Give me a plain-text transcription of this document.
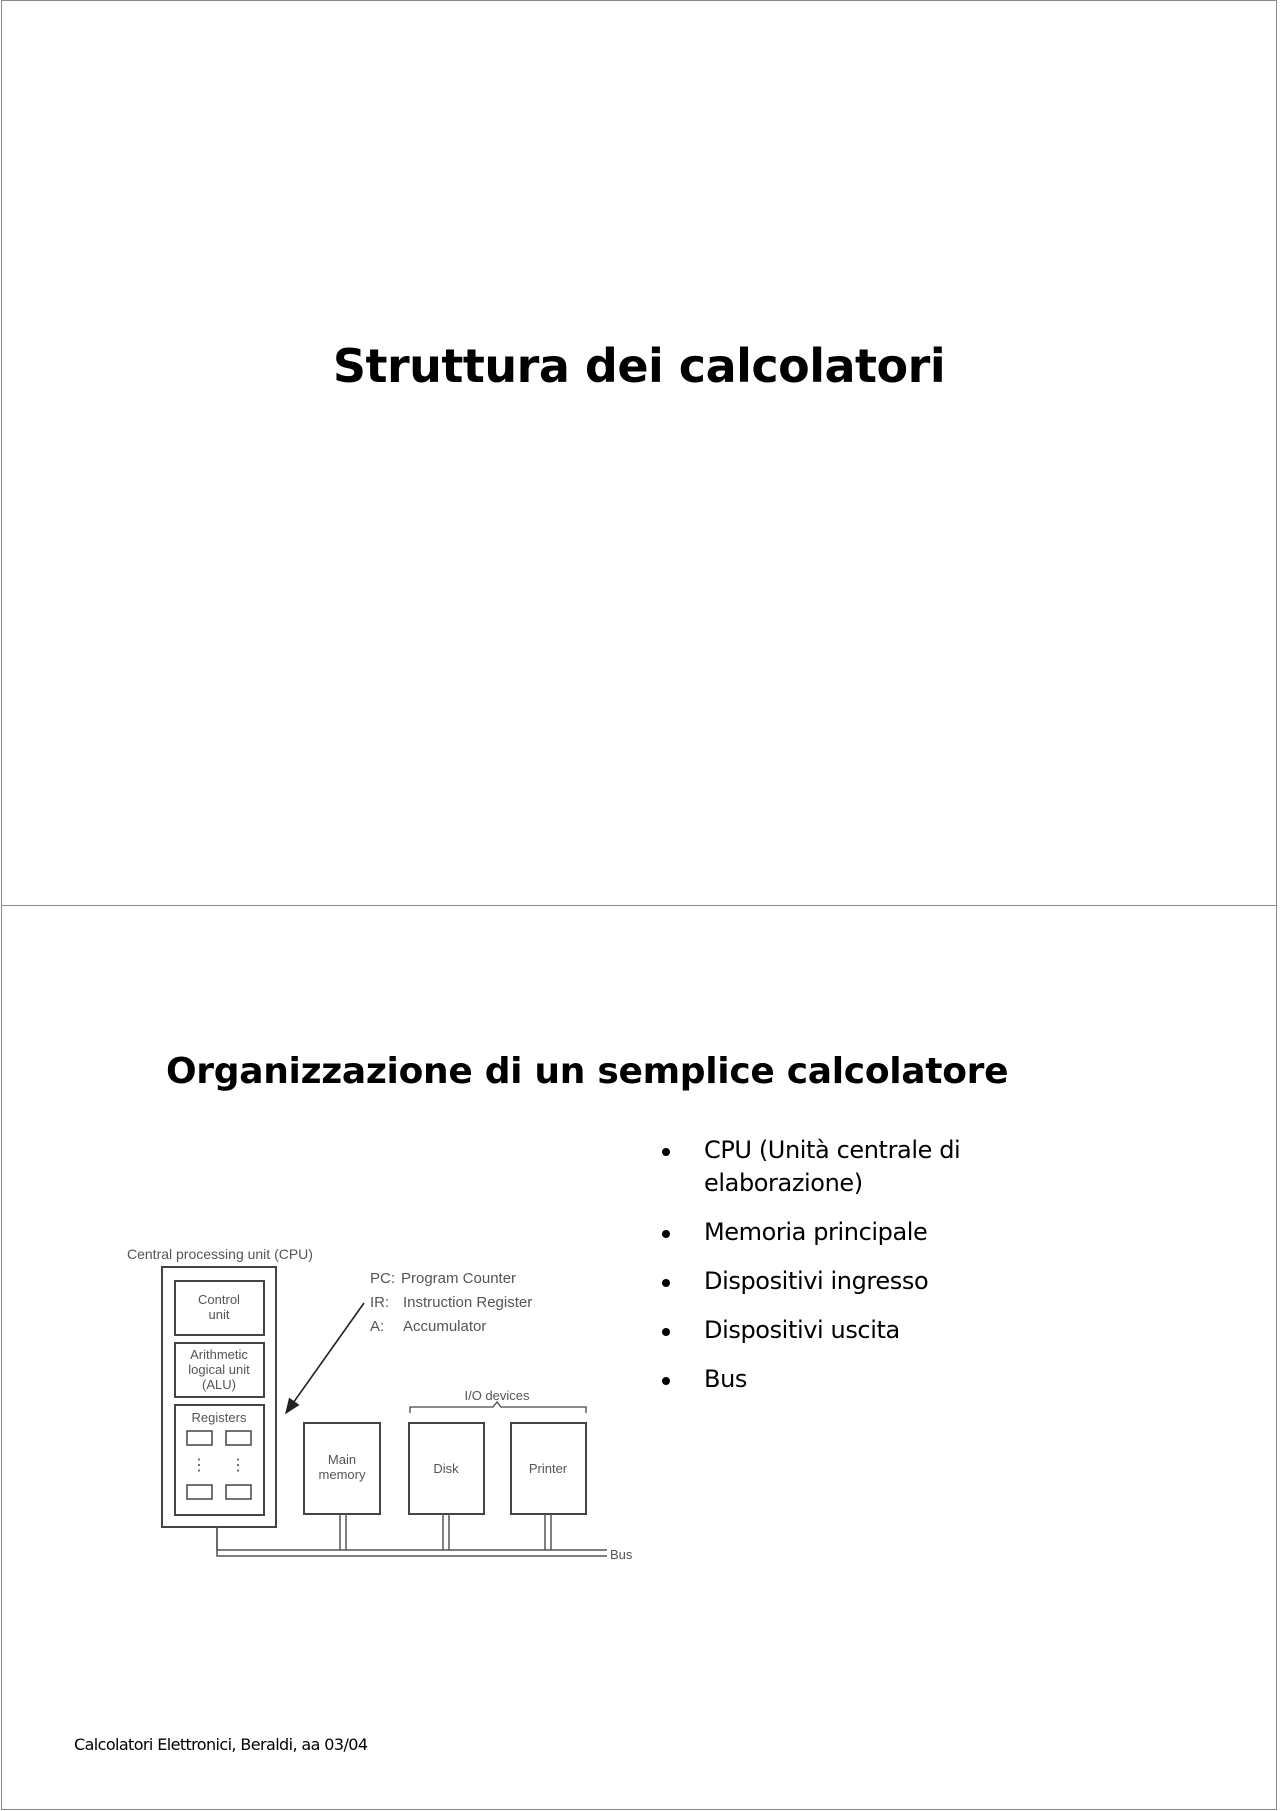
Struttura dei calcolatori
Organizzazione di un semplice calcolatore
Central processing unit (CPU)
Control
unit
Arithmetic
logical unit
(ALU)
Registers
⋮ ⋮
PC: Program Counter
IR: Instruction Register
A: Accumulator
I/O devices
Main
memory	Disk	Printer
Bus
CPU (Unità centrale di elaborazione)
Memoria principale
Dispositivi ingresso
Dispositivi uscita
Bus
Calcolatori Elettronici, Beraldi, aa 03/04
